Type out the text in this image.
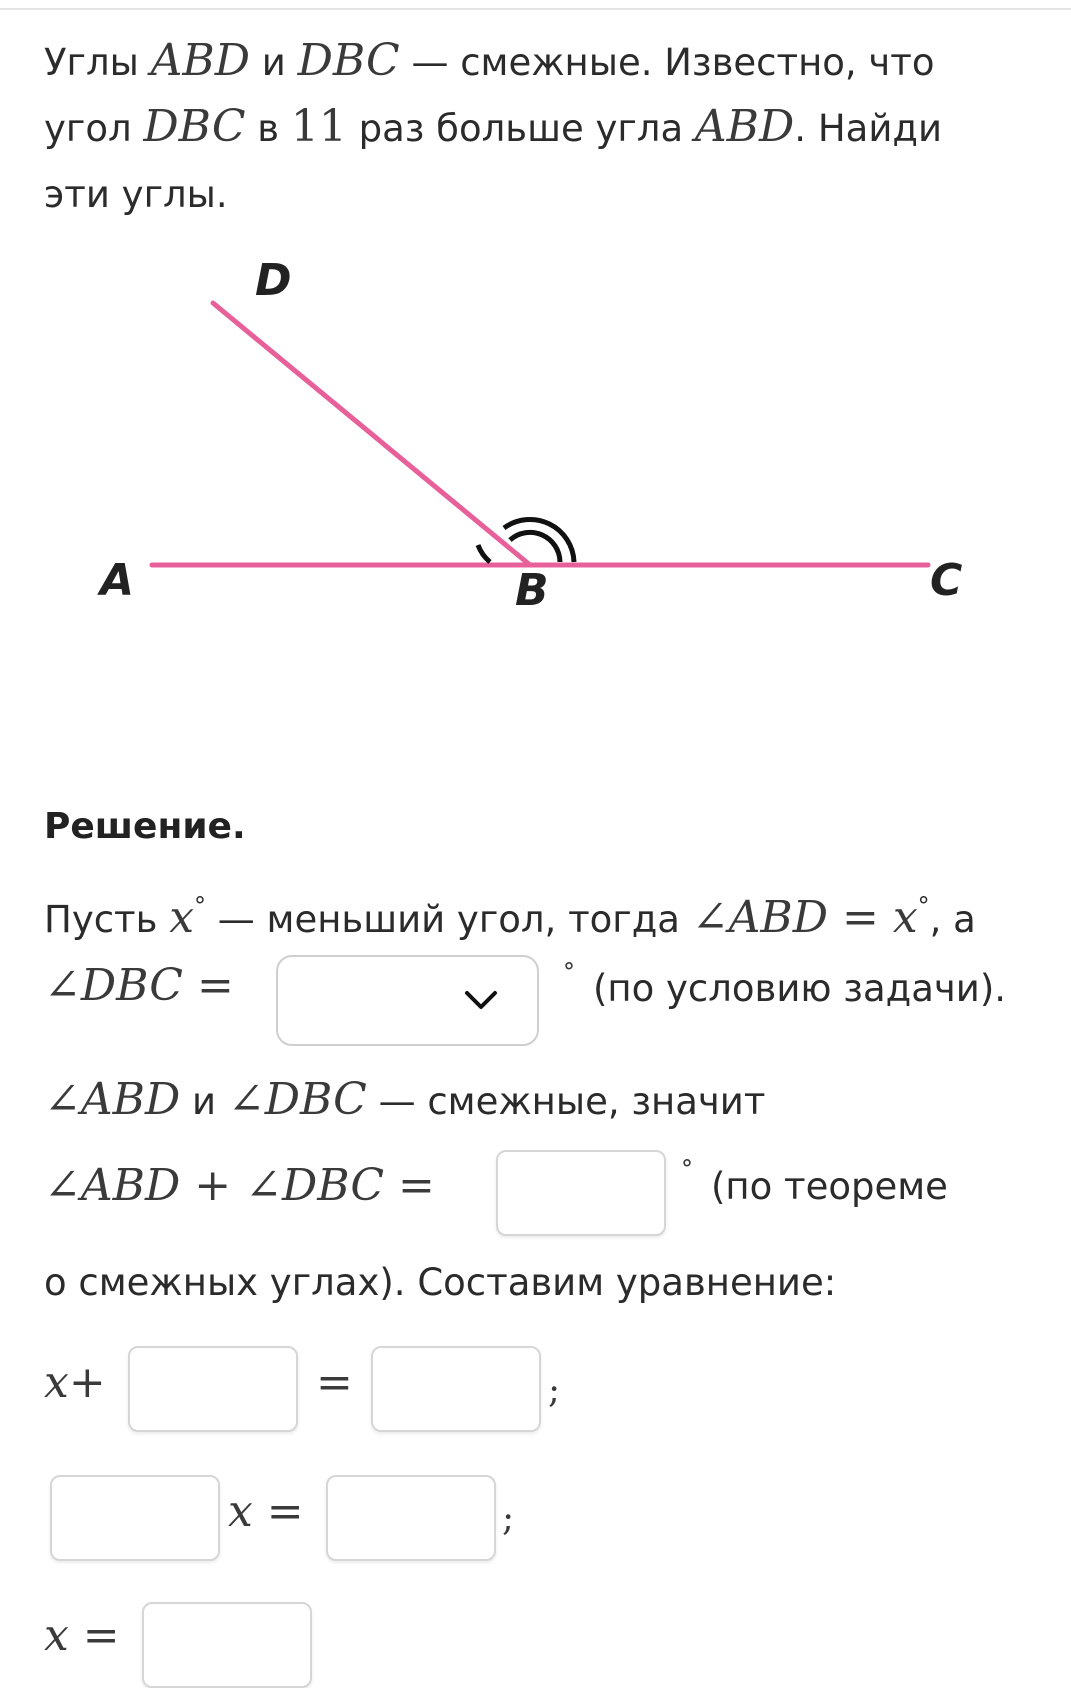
Углы ABD и DBC — смежные. Известно, что
угол DBC в 11 раз больше угла ABD. Найди
эти углы.
D
A	B	C
Решение.
Пусть x° — меньший угол, тогда ∠ABD = x°, а
∠DBC =	° (по условию задачи).
∠ABD и ∠DBC — смежные, значит
∠ABD + ∠DBC =	° (по теореме
о смежных углах). Составим уравнение:
x+	=	;
x =	;
x =
